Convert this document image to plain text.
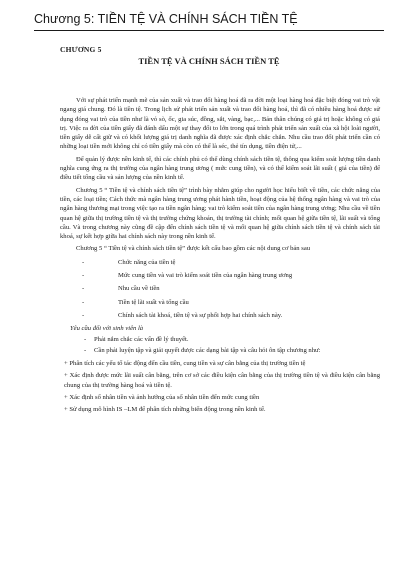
Chương 5: TIỀN TỆ VÀ CHÍNH SÁCH TIỀN TỆ
CHƯƠNG 5
TIỀN TỆ VÀ CHÍNH SÁCH TIỀN TỆ

Với sự phát triển mạnh mẽ của sản xuất và trao đổi hàng hoá đã ra đời một loại hàng hoá đặc biệt đóng vai trò vật ngang giá chung. Đó là tiền tệ. Trong lịch sử phát triển sản xuất và trao đổi hàng hoá, thì đã có nhiều hàng hoá được sử dụng đóng vai trò của tiền như là vỏ sò, ốc, gia súc, đồng, sắt, vàng, bạc,... Bản thân chúng có giá trị hoặc không có giá trị. Việc ra đời của tiền giấy đã đánh dấu một sự thay đổi to lớn trong quá trình phát triển sản xuất của xã hội loài người, tiền giấy dễ cất giữ và có khối lượng giá trị danh nghĩa đã được xác định chắc chắn. Nhu cầu trao đổi phát triển cần có những loại tiền mới không chỉ có tiền giấy mà còn có thể là séc, thẻ tín dụng, tiền điện tử,...

Để quản lý được nền kinh tế, thì các chính phủ có thể dùng chính sách tiền tệ, thông qua kiểm soát lượng tiền danh nghĩa cung ứng ra thị trường của ngân hàng trung ương ( mức cung tiền), và có thể kiểm soát lãi suất ( giá của tiền) để điều tiết tổng cầu và sản lượng của nền kinh tế.

Chương 5 “ Tiền tệ và chính sách tiền tệ” trình bày nhằm giúp cho người học hiểu biết về tiền, các chức năng của tiền, các loại tiền; Cách thức mà ngân hàng trung ương phát hành tiền, hoạt động của hệ thống ngân hàng và vai trò của ngân hàng thương mại trong việc tạo ra tiền ngân hàng; vai trò kiểm soát tiền của ngân hàng trung ương; Nhu cầu về tiền quan hệ giữa thị trường tiền tệ và thị trường chứng khoán, thị trường tài chính; mối quan hệ giữa tiền tệ, lãi suất và tổng cầu. Và trong chương này cũng đề cập đến chính sách tiền tệ và mối quan hệ giữa chính sách tiền tệ và chính sách tài khoá, sự kết hợp giữa hai chính sách này trong nền kinh tế.

Chương 5 “ Tiền tệ và chính sách tiền tệ” được kết cấu bao gồm các nội dung cơ bản sau

-	Chức năng của tiền tệ
-	Mức cung tiền và vai trò kiểm soát tiền của ngân hàng trung ương
-	Nhu cầu về tiền
-	Tiền tệ lãi suất và tổng cầu
-	Chính sách tài khoá, tiền tệ và sự phối hợp hai chính sách này.
Yêu cầu đối với sinh viên là
- Phải nắm chắc các vấn đề lý thuyết.
- Cần phải luyện tập và giải quyết được các dạng bài tập và câu hỏi ôn tập chương như:

+ Phân tích các yếu tố tác động đến cầu tiền, cung tiền và sự cân bằng của thị trường tiền tệ

+ Xác định được mức lãi suất cân bằng, trên cơ sở các điều kiện cân bằng của thị trường tiền tệ và điều kiện cân bằng chung của thị trường hàng hoá và tiền tệ.

+ Xác định số nhân tiền và ảnh hưởng của số nhân tiền đến mức cung tiền

+ Sử dụng mô hình IS –LM để phân tích những biến động trong nền kinh tế.
